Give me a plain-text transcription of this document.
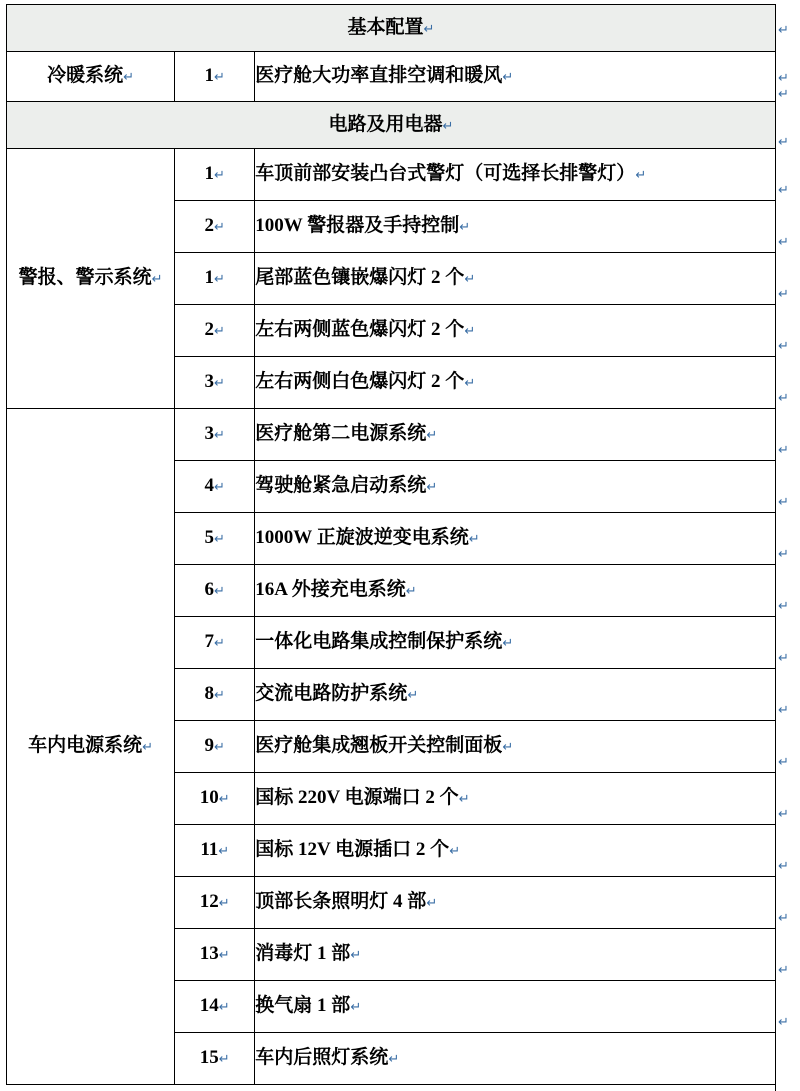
基本配置↵		
冷暖系统↵	1↵	医疗舱大功率直排空调和暖风↵
电路及用电器↵		
警报、警示系统↵	1↵	车顶前部安装凸台式警灯（可选择长排警灯）↵
	2↵	100W 警报器及手持控制↵
	1↵	尾部蓝色镶嵌爆闪灯 2 个↵
	2↵	左右两侧蓝色爆闪灯 2 个↵
	3↵	左右两侧白色爆闪灯 2 个↵
车内电源系统↵	3↵	医疗舱第二电源系统↵
	4↵	驾驶舱紧急启动系统↵
	5↵	1000W 正旋波逆变电系统↵
	6↵	16A 外接充电系统↵
	7↵	一体化电路集成控制保护系统↵
	8↵	交流电路防护系统↵
	9↵	医疗舱集成翘板开关控制面板↵
	10↵	国标 220V 电源端口 2 个↵
	11↵	国标 12V 电源插口 2 个↵
	12↵	顶部长条照明灯 4 部↵
	13↵	消毒灯 1 部↵
	14↵	换气扇 1 部↵
	15↵	车内后照灯系统↵
↵
↵
↵
↵
↵
↵
↵
↵
↵
↵
↵
↵
↵
↵
↵
↵
↵
↵
↵
↵
↵
